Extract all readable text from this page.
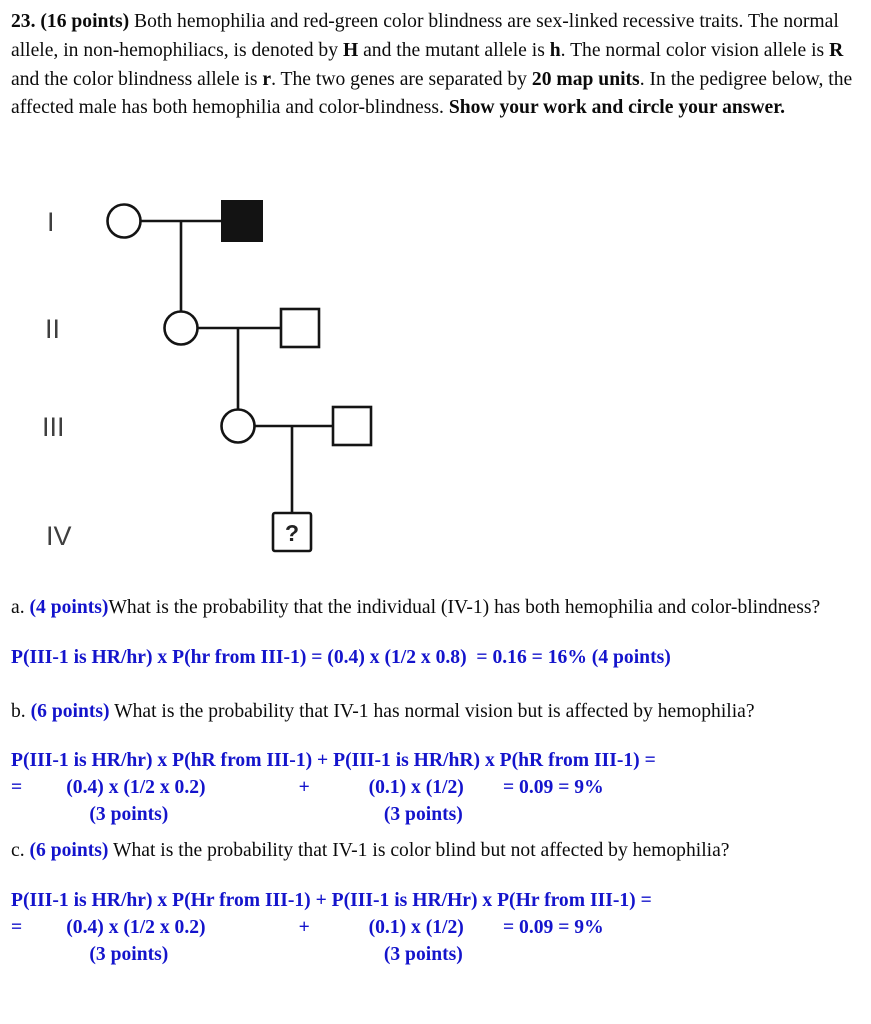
23. (16 points) Both hemophilia and red-green color blindness are sex-linked recessive traits. The normal allele, in non-hemophiliacs, is denoted by H and the mutant allele is h. The normal color vision allele is R and the color blindness allele is r. The two genes are separated by 20 map units. In the pedigree below, the affected male has both hemophilia and color-blindness. Show your work and circle your answer.

I
II
III
IV	?

a. (4 points)What is the probability that the individual (IV-1) has both hemophilia and color-blindness?

P(III-1 is HR/hr) x P(hr from III-1) = (0.4) x (1/2 x 0.8)  = 0.16 = 16% (4 points)

b. (6 points) What is the probability that IV-1 has normal vision but is affected by hemophilia?

P(III-1 is HR/hr) x P(hR from III-1) + P(III-1 is HR/hR) x P(hR from III-1) =
=         (0.4) x (1/2 x 0.2)                   +            (0.1) x (1/2)        = 0.09 = 9%
(3 points)                                            (3 points)

c. (6 points) What is the probability that IV-1 is color blind but not affected by hemophilia?

P(III-1 is HR/hr) x P(Hr from III-1) + P(III-1 is HR/Hr) x P(Hr from III-1) =
=         (0.4) x (1/2 x 0.2)                   +            (0.1) x (1/2)        = 0.09 = 9%
(3 points)                                            (3 points)
